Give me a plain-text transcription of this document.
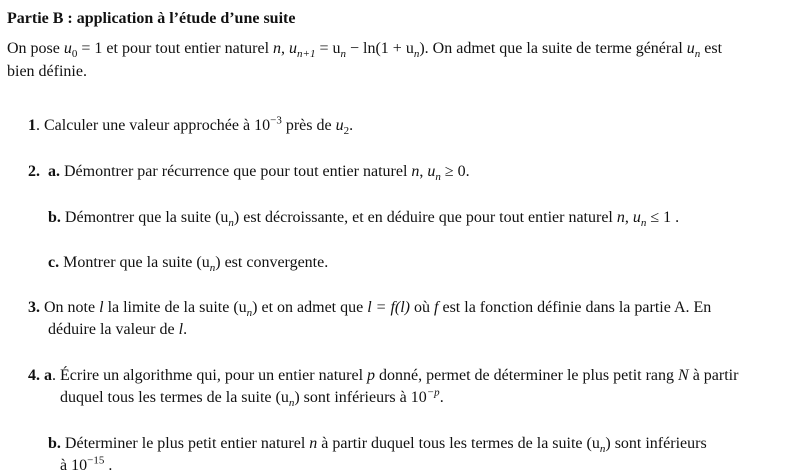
Partie B : application à l’étude d’une suite
On pose $u_0 = 1$ et pour tout entier naturel n, $u_{n+1} = u_n - \ln(1 + u_n)$. On admet que la suite de terme général $u_n$ est
bien définie.
1. Calculer une valeur approchée à $10^{-3}$ près de $u_2$.
2. a. Démontrer par récurrence que pour tout entier naturel n, $u_n \ge 0$.
b. Démontrer que la suite $(u_n)$ est décroissante, et en déduire que pour tout entier naturel n, $u_n \le 1$ .
c. Montrer que la suite $(u_n)$ est convergente.
3. On note l la limite de la suite $(u_n)$ et on admet que l = f(l) où f est la fonction définie dans la partie A. En
déduire la valeur de l.
4. a. Écrire un algorithme qui, pour un entier naturel p donné, permet de déterminer le plus petit rang N à partir
duquel tous les termes de la suite $(u_n)$ sont inférieurs à $10^{-p}$.
b. Déterminer le plus petit entier naturel n à partir duquel tous les termes de la suite $(u_n)$ sont inférieurs
à $10^{-15}$ .
